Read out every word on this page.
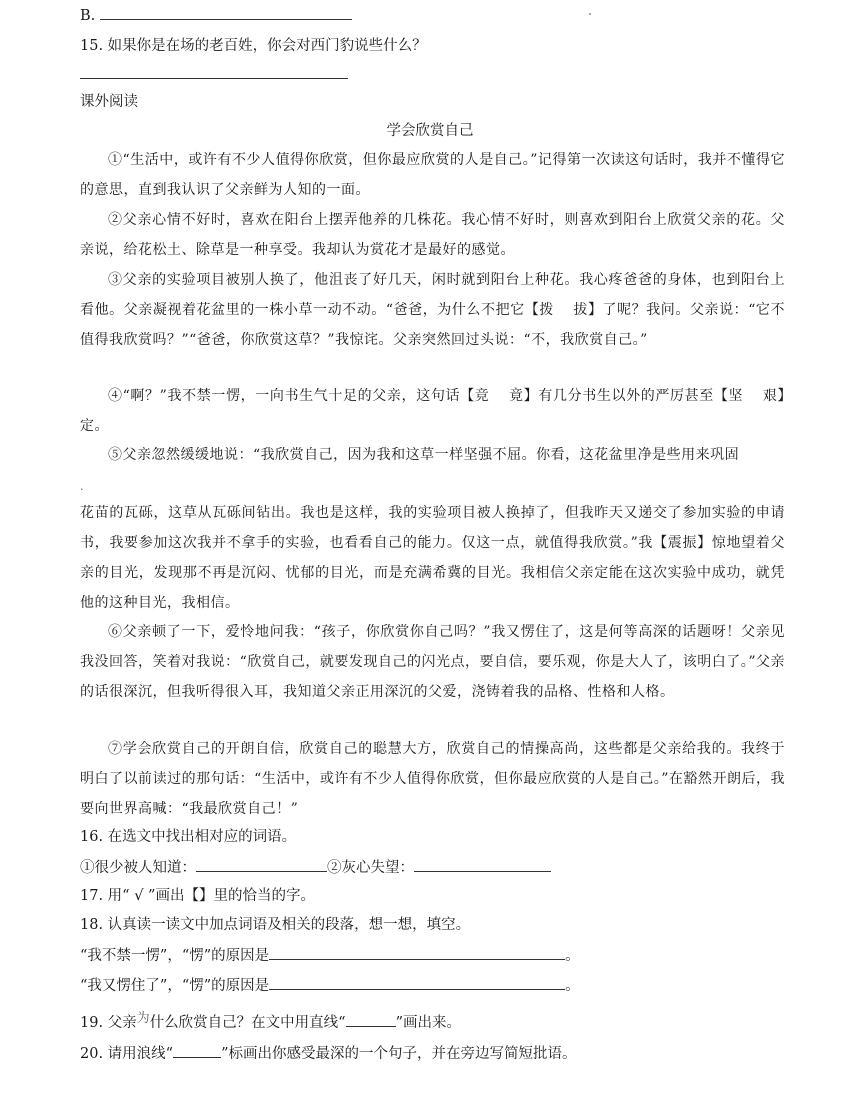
B.
15. 如果你是在场的老百姓，你会对西门豹说些什么？
课外阅读
学会欣赏自己
①“生活中，或许有不少人值得你欣赏，但你最应欣赏的人是自己。”记得第一次读这句话时，我并不懂得它的意思，直到我认识了父亲鲜为人知的一面。
②父亲心情不好时，喜欢在阳台上摆弄他养的几株花。我心情不好时，则喜欢到阳台上欣赏父亲的花。父亲说，给花松土、除草是一种享受。我却认为赏花才是最好的感觉。
③父亲的实验项目被别人换了，他沮丧了好几天，闲时就到阳台上种花。我心疼爸爸的身体，也到阳台上看他。父亲凝视着花盆里的一株小草一动不动。“爸爸，为什么不把它【拨　 拔】了呢？我问。父亲说：“它不值得我欣赏吗？”“爸爸，你欣赏这草？”我惊诧。父亲突然回过头说：“不，我欣赏自己。”
④“啊？”我不禁一愣，一向书生气十足的父亲，这句话【竞　 竟】有几分书生以外的严厉甚至【坚　 艰】定。
⑤父亲忽然缓缓地说：“我欣赏自己，因为我和这草一样坚强不屈。你看，这花盆里净是些用来巩固
.
花苗的瓦砾，这草从瓦砾间钻出。我也是这样，我的实验项目被人换掉了，但我昨天又递交了参加实验的申请书，我要参加这次我并不拿手的实验，也看看自己的能力。仅这一点，就值得我欣赏。”我【震振】惊地望着父亲的目光，发现那不再是沉闷、忧郁的目光，而是充满希冀的目光。我相信父亲定能在这次实验中成功，就凭他的这种目光，我相信。
⑥父亲顿了一下，爱怜地问我：“孩子，你欣赏你自己吗？”我又愣住了，这是何等高深的话题呀！父亲见我没回答，笑着对我说：“欣赏自己，就要发现自己的闪光点，要自信，要乐观，你是大人了，该明白了。”父亲的话很深沉，但我听得很入耳，我知道父亲正用深沉的父爱，浇铸着我的品格、性格和人格。
⑦学会欣赏自己的开朗自信，欣赏自己的聪慧大方，欣赏自己的情操高尚，这些都是父亲给我的。我终于明白了以前读过的那句话：“生活中，或许有不少人值得你欣赏，但你最应欣赏的人是自己。”在豁然开朗后，我要向世界高喊：“我最欣赏自己！”
16. 在选文中找出相对应的词语。
①很少被人知道：	②灰心失望：
17. 用“ √ ”画出【】里的恰当的字。
18. 认真读一读文中加点词语及相关的段落，想一想，填空。
“我不禁一愣”，“愣”的原因是	。
“我又愣住了”，“愣”的原因是	。
19. 父亲为什么欣赏自己？在文中用直线“	”画出来。
20. 请用浪线“	”标画出你感受最深的一个句子，并在旁边写简短批语。
